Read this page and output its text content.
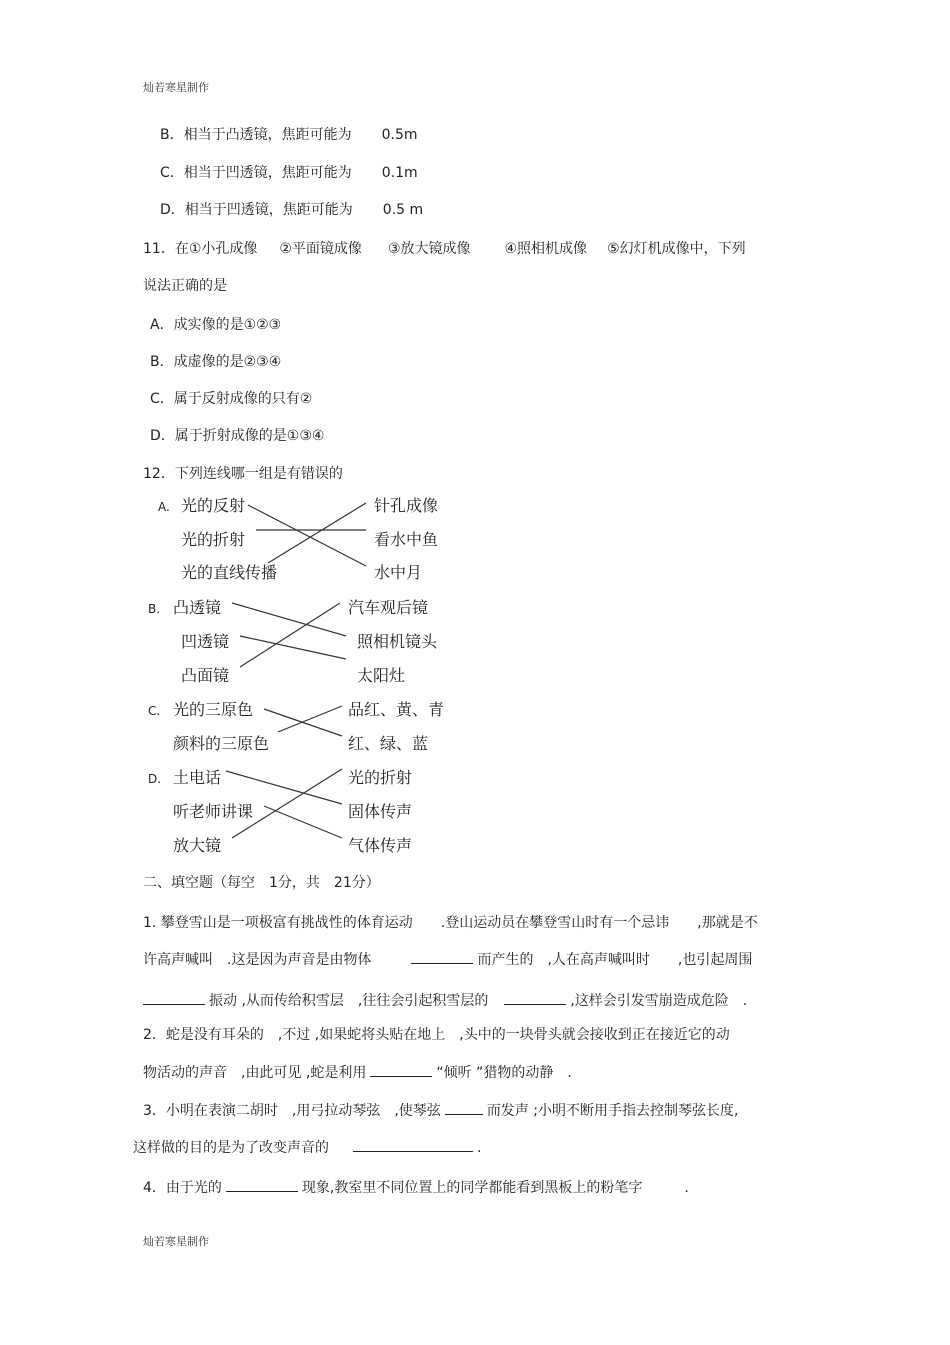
灿若寒星制作
B．相当于凸透镜，焦距可能为 0.5m
C．相当于凹透镜，焦距可能为 0.1m
D．相当于凹透镜，焦距可能为 0.5 m
11．在①小孔成像 ②平面镜成像 ③放大镜成像 ④照相机成像 ⑤幻灯机成像中，下列
说法正确的是
A．成实像的是①②③
B．成虚像的是②③④
C．属于反射成像的只有②
D．属于折射成像的是①③④
12．下列连线哪一组是有错误的
A. 光的反射
光的折射
光的直线传播
针孔成像
看水中鱼
水中月
B. 凸透镜
凹透镜
凸面镜
汽车观后镜
照相机镜头
太阳灶
C. 光的三原色
颜料的三原色
品红、黄、青
红、绿、蓝
D. 土电话
听老师讲课
放大镜
光的折射
固体传声
气体传声
二、填空题（每空　1分，共　21分）
1. 攀登雪山是一项极富有挑战性的体育运动　　.登山运动员在攀登雪山时有一个忌讳　　,那就是不
许高声喊叫　.这是因为声音是由物体	而产生的　,人在高声喊叫时　　,也引起周围
振动 ,从而传给积雪层　,往往会引起积雪层的	,这样会引发雪崩造成危险　.
2．蛇是没有耳朵的　,不过 ,如果蛇将头贴在地上　,头中的一块骨头就会接收到正在接近它的动
物活动的声音　,由此可见 ,蛇是利用	“倾听 ”猎物的动静　.
3．小明在表演二胡时　,用弓拉动琴弦　,使琴弦	而发声 ;小明不断用手指去控制琴弦长度,
这样做的目的是为了改变声音的	.
4．由于光的	现象,教室里不同位置上的同学都能看到黑板上的粉笔字　　　.
灿若寒星制作
